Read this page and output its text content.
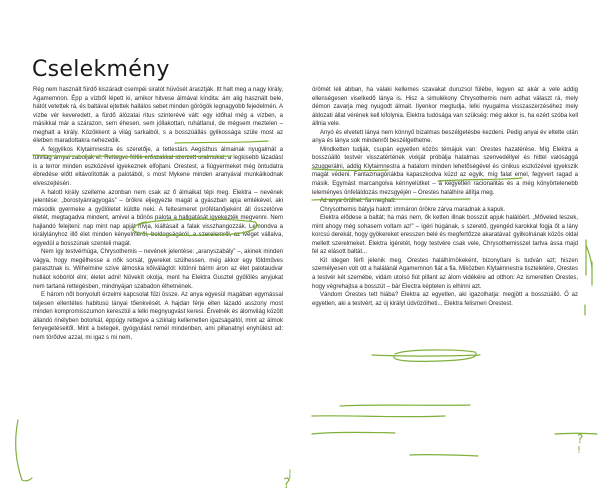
Cselekmény

Rég nem használt fürdő kiszáradt csempéi siratót hüvösét árasztják. Itt halt meg a nagy király, Agamemnon. Épp a vízből lépett ki, amikor hitvese álmával kíndita: ám alig használt bele, hátót vetettek rá, és baltával ejtettek hallálos sebet minden görögök legnagyobb fejedelmén. A vízbe vér keveredett, a fürdő álózatai ritus szinterévé vált: egy időhal még a vízben, a másikkal már a szárazon, sem éhesen, sem jóllakottan, ruhátlanul, de mégsem meztelen – meghalt a király. Közökkent a világ sarkaiból, s a bosszúállás gyilkossága szüle most az életben maradottakra nehezedik.

A fejgyilkos Klytaimnestra és szeretője, a tettestárs Aegisthus álmainak nyugalmát a túlvilág árnyai zaboljak el. Rettegve féltik erőszakkal szerzett uralmukat, a legkisebb lázadást is a terror minden eszközével igyekeznek elfojtani. Orestest, a fiúgyermeket még öntudatra ébredése előtt eltávolították a palotából, s most Mykene minden aranyával munkálkodnak elveszejtésén.

A halott király szelleme azonban nem csak az ő álmaikat tépi meg. Elektra – nevének jelentése: „borostyánragyogás” – örökre eljegyezte magát a gyászban apja emlékével, aki második gyermeke a gyűlöletet küldte neki. A feltesimeret prófétanőjeként áll összetörve életét, megtagadva mindent, amivel a bűnös palota a hallgatását igyekezték megvenni. Nem hajlandó felejteni: nap mint nap apját hívja, kiáltásait a falak visszhangozzák. Lemondva a királylányhoz illő élet minden kényelméről, boldogságáról, a szerelemről, az ivéget vállalva, egyedül a bosszúnak szenteli magát.

Nem így testvérhúga, Chrysothemis – nevének jelentése: „aranyszabály” –, akinek minden vágya, hogy megélhesse a nők sorsát, gyereket szülhessen, még akkor egy földműves parasztnak is. Wilhelmine szíve álmoska kőiválágtól: kitűnni bármi áron az élet palotaudvar hulláot kóbórlól élni; életet adni! Növekít okolja, ment ha Elektra Gusztel gyűlölés anyjukat nem tartaná rettegésben, mindnyájan szabadon élhetnének.

E három nőt bonyolult érzelmi kapcsolat fűzi össze. Az anya egyesül magában egymással teljesen ellentétes habitusú lányai tőenkvését. A hajdan férje ellen lázadó asszony most minden kompromisszumon keresztül a lelki megnyugvást keresi. Érvelnék és álomvilág között állandó rinélyben botorkál, éppúgy rettegve a sziklaig kellemetlen igazságaitól, mint az álmok fenyegetéseitől. Mint a betegek, gyógyulást remél mindenben, ami pillanatnyi enyhülést ad: nem törődve azzal, mi igaz s mi nem,

örömét leli abban, ha valaki kellemes szavakat duruzsol fülébe, legyen az akár a vele addig ellenségesen viselkedő lánya is. Hisz a simulékony Chrysothemis nem adhat választ rá, mely démon zavarja meg nyugodt álmait. Ilyenkor megtudja, lelki nyugalma visszaszerzéséhez mely áldozati állat vérének kell kifolynia. Elektra tudósága van szükség: még akkor is, ha ezért szóba kell állnia vele.

Anyó és elvetett lánya nem könnyű bizalmas beszélgetésbe kezdeni. Pedig anyai év eltelte után anya és lánya sok mindenről beszélgethetne.

Mindketten tudják, csupán egyetlen közös témájuk van: Orestes hazatérése. Míg Elektra a bosszúálló testvér visszatértének vixkját próbálja hatalmas szenvedéllyel és hittel valósággá szuggerálni, addig Klytaimnestra a hatalom minden lehetőségével és cinikus eszközével igyekszik magát védeni. Fantazmagóriákba kapaszkodva küzd az egyik, míg falat emel, fegyvert ragad a másik. Egymást marcangolva kénnyelütket – a kegyetlen racionalitás és a még könyörtelenebb leleményes önfeláldozás mezsgyéjén – Orestes halálhíre állítja meg.

Az anya örülhet: fia meghalt.

Chrysothemis bátyja halott: immáron örökre zárva maradnak a kapuk.

Elektra elődese a baltát; ha más nem, ők ketten illnak bosszút apjuk halálóért. „Mőveled leszek, mint ahogy még sohasem voltam az!” – ígéri húgának, s szerető, gyengéd karokkal fogja őt a lány korcsú derekát, hogy gyökereket eresszen belé és megfertőzze akaratával: gyilkolnának közös oldal mellett szerelmeket. Elektra ígéretét, hogy testvére csak vele, Chrysothemisszel tartva ássa majd fel az elásott baltát...

Kit idegen férfi jelenik meg. Orestes halálhírnökeként, bizonyítani is tudván azt; hiszen személyesen volt ott a halálánál Agamemnon fiát a fia. Miközben Klytaimnestra tiszteletére, Orestes a testvér két szemébe, vidám utolsó fiút pillant az álom vidékére ad otthon: Az ismeretlen Orestes, hogy végrehajtsa a bosszút – bár Electra képtelen is elhinni azt.

Vándom Orestes tett hiába? Elektra az egyetlen, aki igazolhatja: megjött a bosszúálló. Ő az egyetlen, aki a testvért, az új királyt üdvözölheti... Elektra felismeri Orestest.

?
/
?
!
